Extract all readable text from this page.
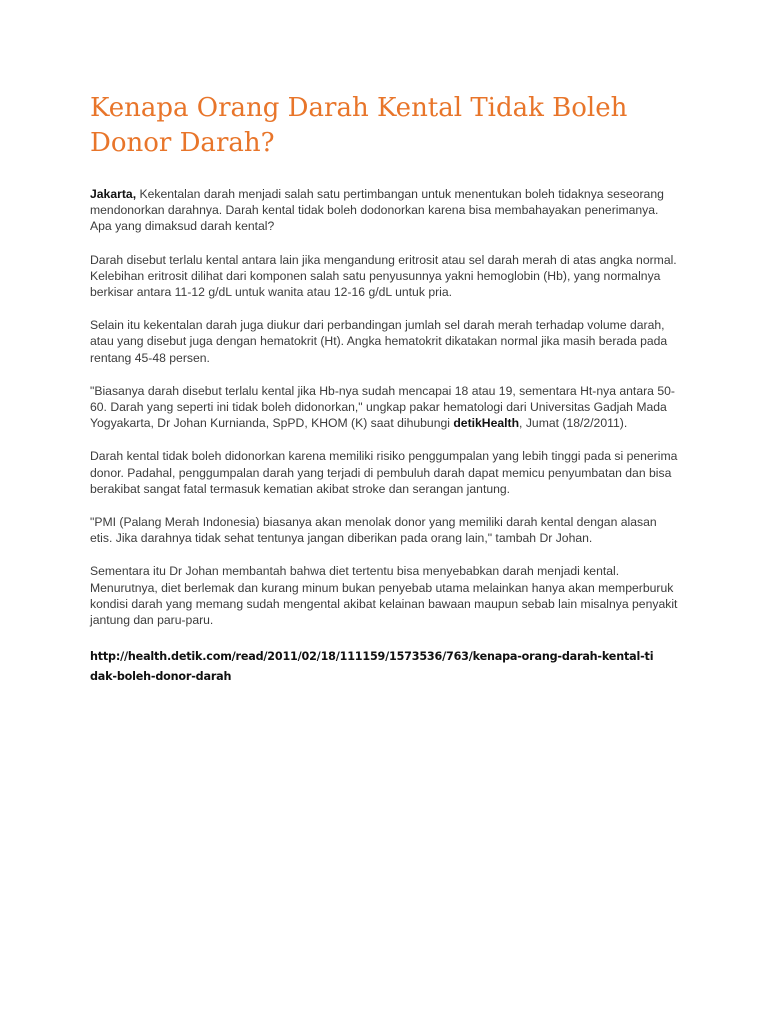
Kenapa Orang Darah Kental Tidak Boleh Donor Darah?

Jakarta, Kekentalan darah menjadi salah satu pertimbangan untuk menentukan boleh tidaknya seseorang mendonorkan darahnya. Darah kental tidak boleh dodonorkan karena bisa membahayakan penerimanya. Apa yang dimaksud darah kental?

Darah disebut terlalu kental antara lain jika mengandung eritrosit atau sel darah merah di atas angka normal. Kelebihan eritrosit dilihat dari komponen salah satu penyusunnya yakni hemoglobin (Hb), yang normalnya berkisar antara 11-12 g/dL untuk wanita atau 12-16 g/dL untuk pria.

Selain itu kekentalan darah juga diukur dari perbandingan jumlah sel darah merah terhadap volume darah, atau yang disebut juga dengan hematokrit (Ht). Angka hematokrit dikatakan normal jika masih berada pada rentang 45-48 persen.

"Biasanya darah disebut terlalu kental jika Hb-nya sudah mencapai 18 atau 19, sementara Ht-nya antara 50-60. Darah yang seperti ini tidak boleh didonorkan," ungkap pakar hematologi dari Universitas Gadjah Mada Yogyakarta, Dr Johan Kurnianda, SpPD, KHOM (K) saat dihubungi detikHealth, Jumat (18/2/2011).

Darah kental tidak boleh didonorkan karena memiliki risiko penggumpalan yang lebih tinggi pada si penerima donor. Padahal, penggumpalan darah yang terjadi di pembuluh darah dapat memicu penyumbatan dan bisa berakibat sangat fatal termasuk kematian akibat stroke dan serangan jantung.

"PMI (Palang Merah Indonesia) biasanya akan menolak donor yang memiliki darah kental dengan alasan etis. Jika darahnya tidak sehat tentunya jangan diberikan pada orang lain," tambah Dr Johan.

Sementara itu Dr Johan membantah bahwa diet tertentu bisa menyebabkan darah menjadi kental. Menurutnya, diet berlemak dan kurang minum bukan penyebab utama melainkan hanya akan memperburuk kondisi darah yang memang sudah mengental akibat kelainan bawaan maupun sebab lain misalnya penyakit jantung dan paru-paru.

http://health.detik.com/read/2011/02/18/111159/1573536/763/kenapa-orang-darah-kental-tidak-boleh-donor-darah
